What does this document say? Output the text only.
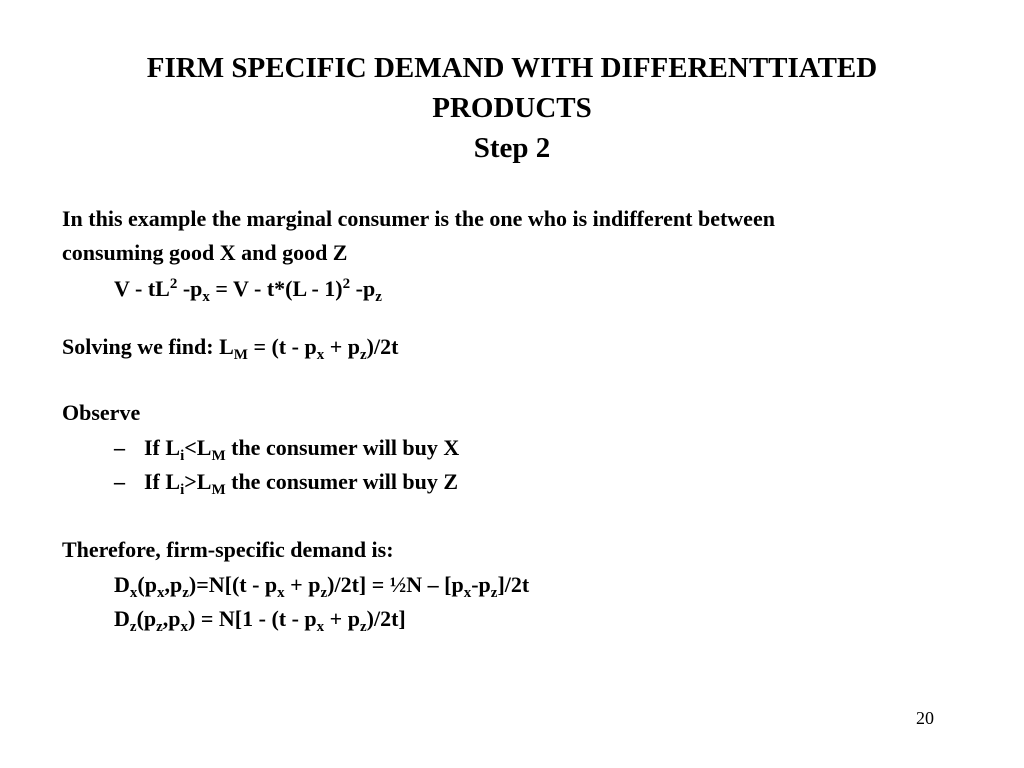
FIRM SPECIFIC DEMAND WITH DIFFERENTTIATED
PRODUCTS
Step 2
In this example the marginal consumer is the one who is indifferent between
consuming good X and good Z
V - $tL^2$ $-p_x = V - t*(L - 1)^2$ $-p_z$
Solving we find: $L_M = (t - p_x + p_z)/2t$
Observe
– If $L_i<L_M$ the consumer will buy X
– If $L_i>L_M$ the consumer will buy Z
Therefore, firm-specific demand is:
$D_x(p_x,p_z)=N[(t - p_x + p_z)/2t]$ = ½N – $[p_x-p_z]/2t$
$D_z(p_z,p_x) = N[1 - (t - p_x + p_z)/2t]$
20
